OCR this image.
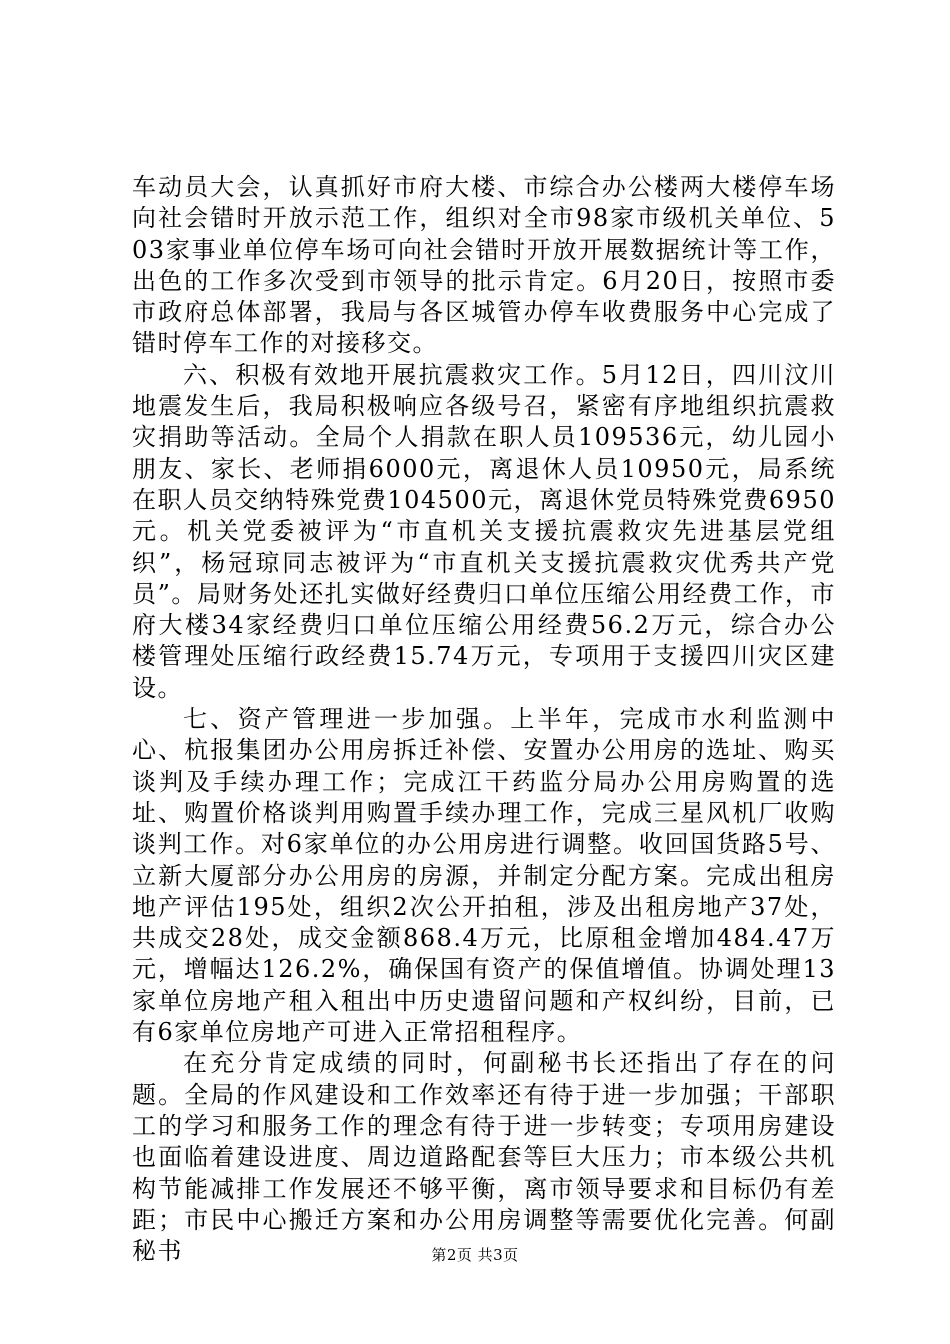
车动员大会，认真抓好市府大楼、市综合办公楼两大楼停车场向社会错时开放示范工作，组织对全市98家市级机关单位、503家事业单位停车场可向社会错时开放开展数据统计等工作，出色的工作多次受到市领导的批示肯定。6月20日，按照市委市政府总体部署，我局与各区城管办停车收费服务中心完成了错时停车工作的对接移交。

六、积极有效地开展抗震救灾工作。5月12日，四川汶川地震发生后，我局积极响应各级号召，紧密有序地组织抗震救灾捐助等活动。全局个人捐款在职人员109536元，幼儿园小朋友、家长、老师捐6000元，离退休人员10950元，局系统在职人员交纳特殊党费104500元，离退休党员特殊党费6950元。机关党委被评为“市直机关支援抗震救灾先进基层党组织”，杨冠琼同志被评为“市直机关支援抗震救灾优秀共产党员”。局财务处还扎实做好经费归口单位压缩公用经费工作，市府大楼34家经费归口单位压缩公用经费56.2万元，综合办公楼管理处压缩行政经费15.74万元，专项用于支援四川灾区建设。

七、资产管理进一步加强。上半年，完成市水利监测中心、杭报集团办公用房拆迁补偿、安置办公用房的选址、购买谈判及手续办理工作；完成江干药监分局办公用房购置的选址、购置价格谈判用购置手续办理工作，完成三星风机厂收购谈判工作。对6家单位的办公用房进行调整。收回国货路5号、立新大厦部分办公用房的房源，并制定分配方案。完成出租房地产评估195处，组织2次公开拍租，涉及出租房地产37处，共成交28处，成交金额868.4万元，比原租金增加484.47万元，增幅达126.2%，确保国有资产的保值增值。协调处理13家单位房地产租入租出中历史遗留问题和产权纠纷，目前，已有6家单位房地产可进入正常招租程序。

在充分肯定成绩的同时，何副秘书长还指出了存在的问题。全局的作风建设和工作效率还有待于进一步加强；干部职工的学习和服务工作的理念有待于进一步转变；专项用房建设也面临着建设进度、周边道路配套等巨大压力；市本级公共机构节能减排工作发展还不够平衡，离市领导要求和目标仍有差距；市民中心搬迁方案和办公用房调整等需要优化完善。何副秘书	第2页 共3页
